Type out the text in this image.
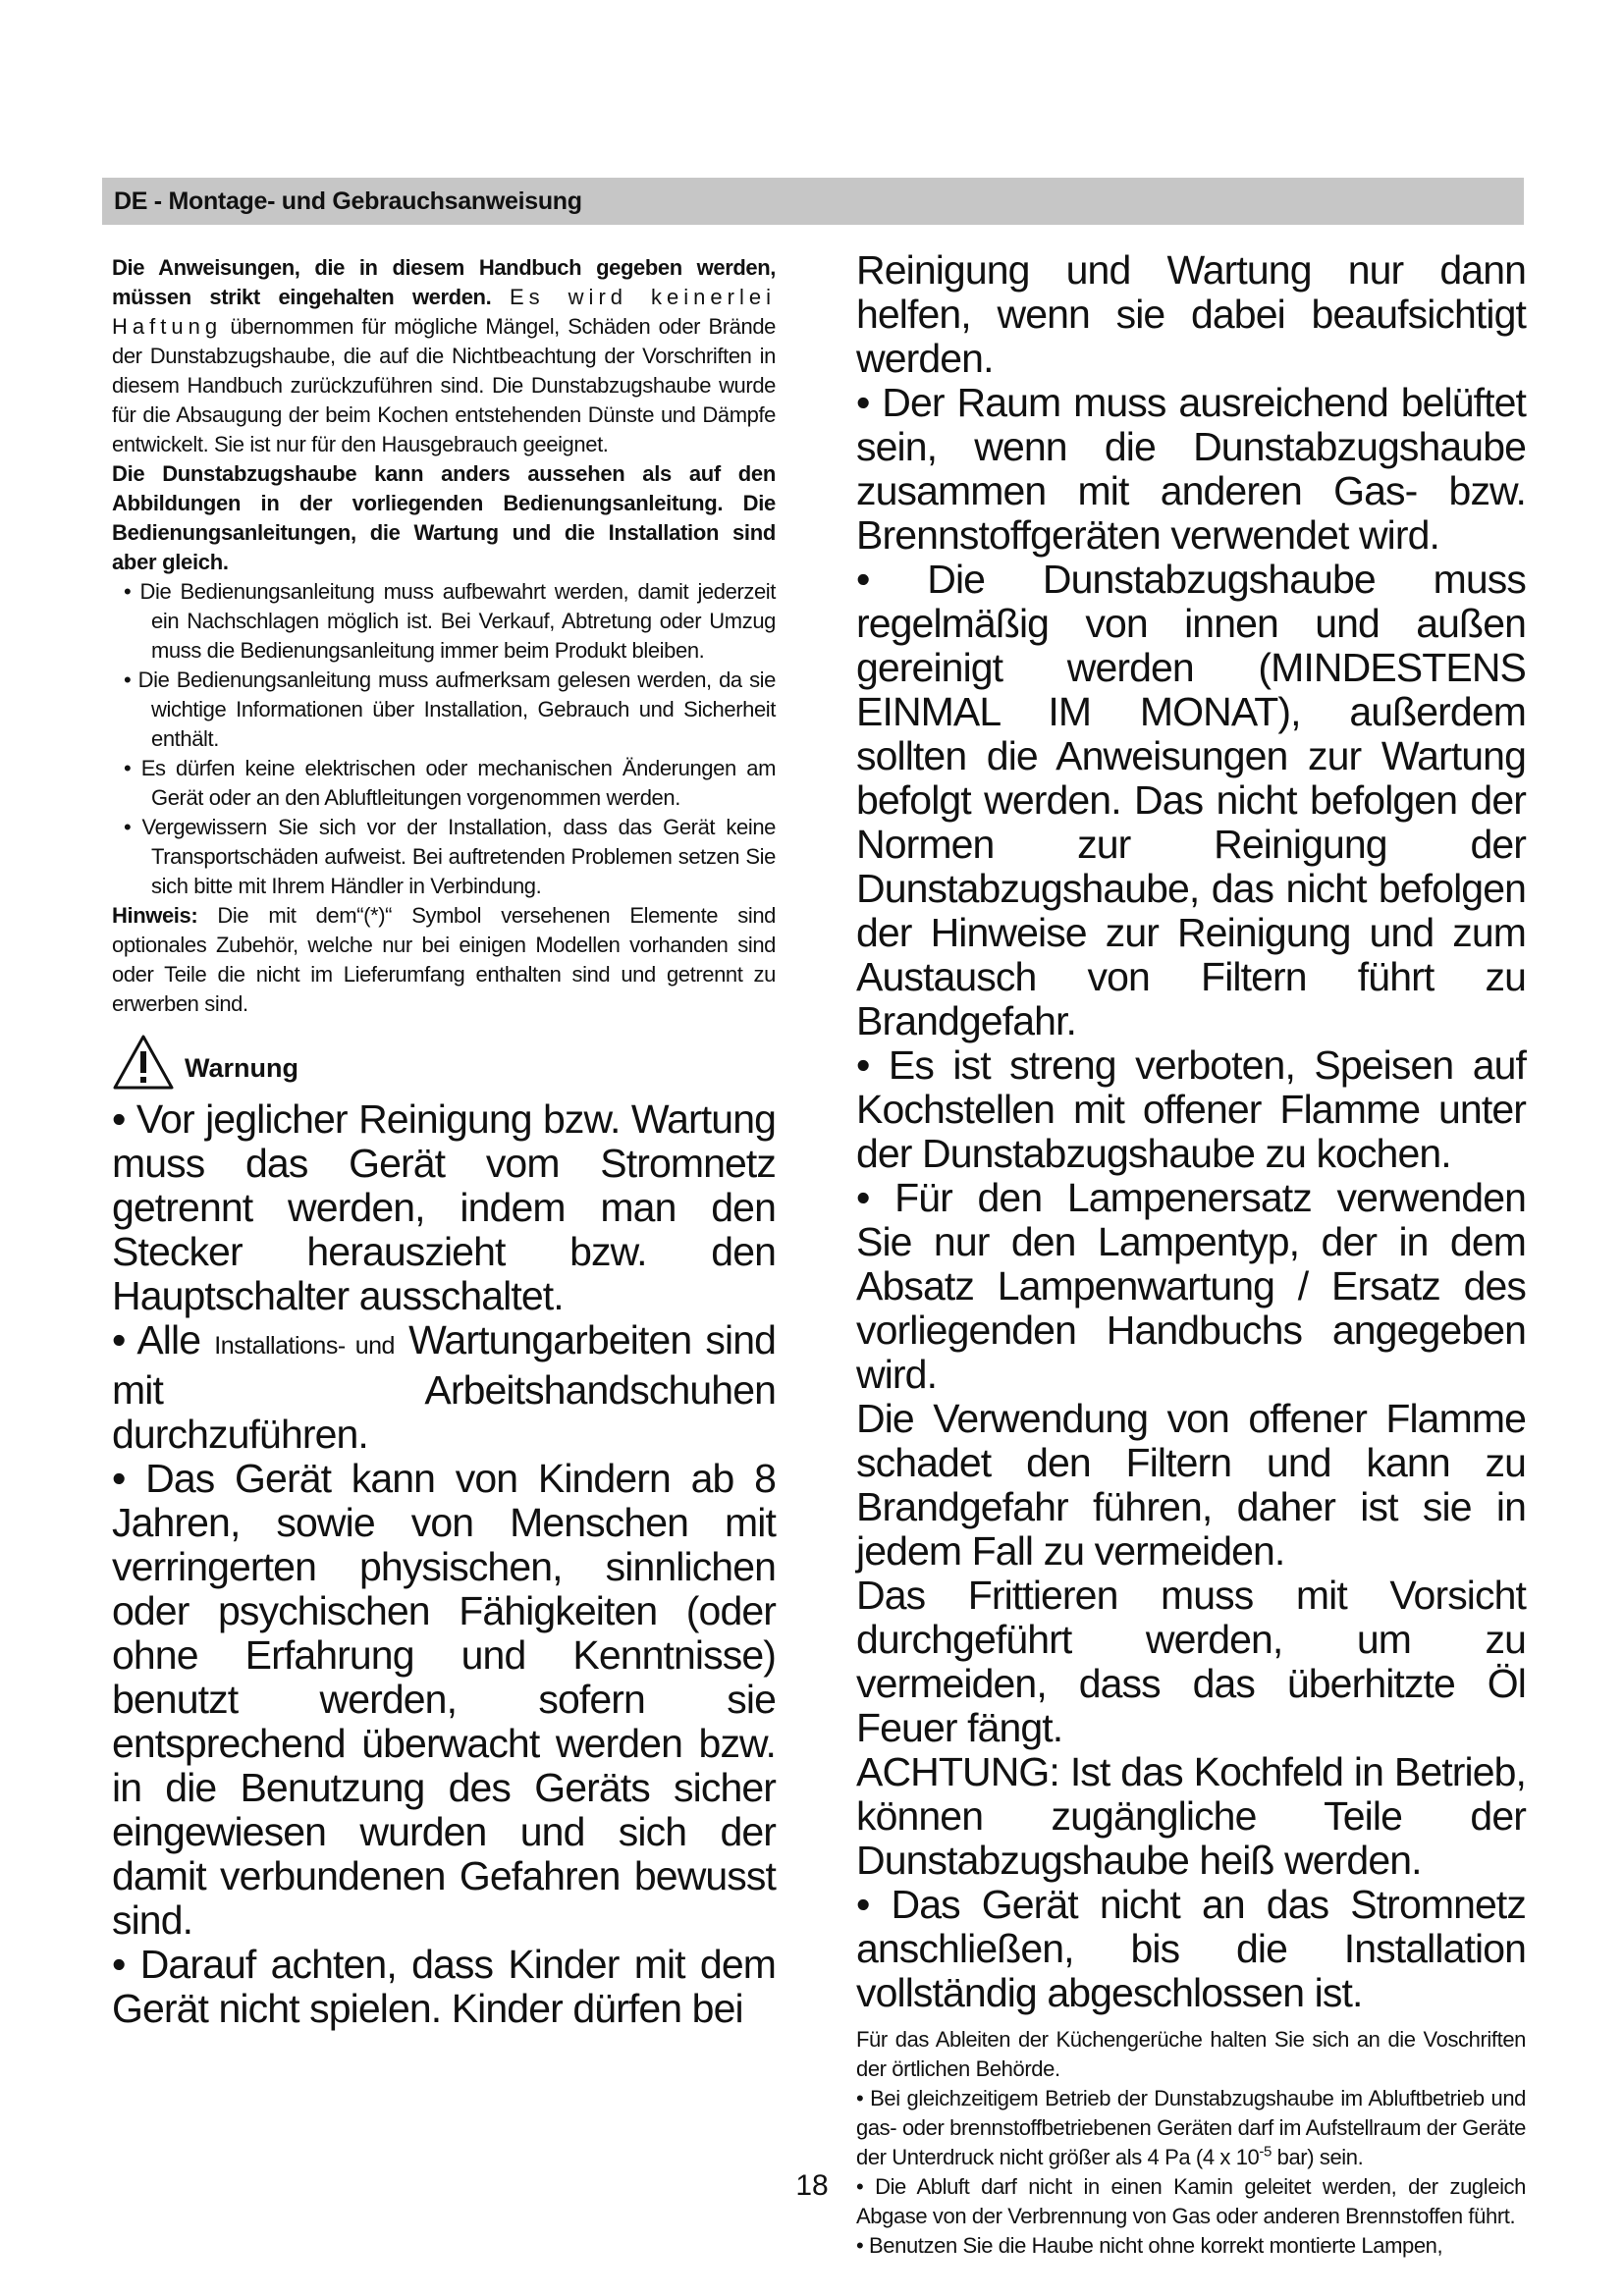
DE - Montage- und Gebrauchsanweisung

Die Anweisungen, die in diesem Handbuch gegeben werden, müssen strikt eingehalten werden. Es wird keinerlei Haftung übernommen für mögliche Mängel, Schäden oder Brände der Dunstabzugshaube, die auf die Nichtbeachtung der Vorschriften in diesem Handbuch zurückzuführen sind. Die Dunstabzugshaube wurde für die Absaugung der beim Kochen entstehenden Dünste und Dämpfe entwickelt. Sie ist nur für den Hausgebrauch geeignet.

Die Dunstabzugshaube kann anders aussehen als auf den Abbildungen in der vorliegenden Bedienungsanleitung. Die Bedienungsanleitungen, die Wartung und die Installation sind aber gleich.

• Die Bedienungsanleitung muss aufbewahrt werden, damit jederzeit ein Nachschlagen möglich ist. Bei Verkauf, Abtretung oder Umzug muss die Bedienungsanleitung immer beim Produkt bleiben.

• Die Bedienungsanleitung muss aufmerksam gelesen werden, da sie wichtige Informationen über Installation, Gebrauch und Sicherheit enthält.

• Es dürfen keine elektrischen oder mechanischen Änderungen am Gerät oder an den Abluftleitungen vorgenommen werden.

• Vergewissern Sie sich vor der Installation, dass das Gerät keine Transportschäden aufweist. Bei auftretenden Problemen setzen Sie sich bitte mit Ihrem Händler in Verbindung.

Hinweis: Die mit dem“(*)“ Symbol versehenen Elemente sind optionales Zubehör, welche nur bei einigen Modellen vorhanden sind oder Teile die nicht im Lieferumfang enthalten sind und getrennt zu erwerben sind.

Warnung

• Vor jeglicher Reinigung bzw. Wartung muss das Gerät vom Stromnetz getrennt werden, indem man den Stecker herauszieht bzw. den Hauptschalter ausschaltet.

• Alle Installations- und Wartungarbeiten sind mit Arbeitshandschuhen durchzuführen.

• Das Gerät kann von Kindern ab 8 Jahren, sowie von Menschen mit verringerten physischen, sinnlichen oder psychischen Fähigkeiten (oder ohne Erfahrung und Kenntnisse) benutzt werden, sofern sie entsprechend überwacht werden bzw. in die Benutzung des Geräts sicher eingewiesen wurden und sich der damit verbundenen Gefahren bewusst sind.

• Darauf achten, dass Kinder mit dem Gerät nicht spielen. Kinder dürfen bei

Reinigung und Wartung nur dann helfen, wenn sie dabei beaufsichtigt werden.

• Der Raum muss ausreichend belüftet sein, wenn die Dunstabzugshaube zusammen mit anderen Gas- bzw. Brennstoffgeräten verwendet wird.

• Die Dunstabzugshaube muss regelmäßig von innen und außen gereinigt werden (MINDESTENS EINMAL IM MONAT), außerdem sollten die Anweisungen zur Wartung befolgt werden. Das nicht befolgen der Normen zur Reinigung der Dunstabzugshaube, das nicht befolgen der Hinweise zur Reinigung und zum Austausch von Filtern führt zu Brandgefahr.

• Es ist streng verboten, Speisen auf Kochstellen mit offener Flamme unter der Dunstabzugshaube zu kochen.

• Für den Lampenersatz verwenden Sie nur den Lampentyp, der in dem Absatz Lampenwartung / Ersatz des vorliegenden Handbuchs angegeben wird.

Die Verwendung von offener Flamme schadet den Filtern und kann zu Brandgefahr führen, daher ist sie in jedem Fall zu vermeiden.

Das Frittieren muss mit Vorsicht durchgeführt werden, um zu vermeiden, dass das überhitzte Öl Feuer fängt.

ACHTUNG: Ist das Kochfeld in Betrieb, können zugängliche Teile der Dunstabzugshaube heiß werden.

• Das Gerät nicht an das Stromnetz anschließen, bis die Installation vollständig abgeschlossen ist.

Für das Ableiten der Küchengerüche halten Sie sich an die Voschriften der örtlichen Behörde.

• Bei gleichzeitigem Betrieb der Dunstabzugshaube im Abluftbetrieb und gas- oder brennstoffbetriebenen Geräten darf im Aufstellraum der Geräte der Unterdruck nicht größer als 4 Pa (4 x $10^{-5}$ bar) sein.

• Die Abluft darf nicht in einen Kamin geleitet werden, der zugleich Abgase von der Verbrennung von Gas oder anderen Brennstoffen führt.

• Benutzen Sie die Haube nicht ohne korrekt montierte Lampen,

18
